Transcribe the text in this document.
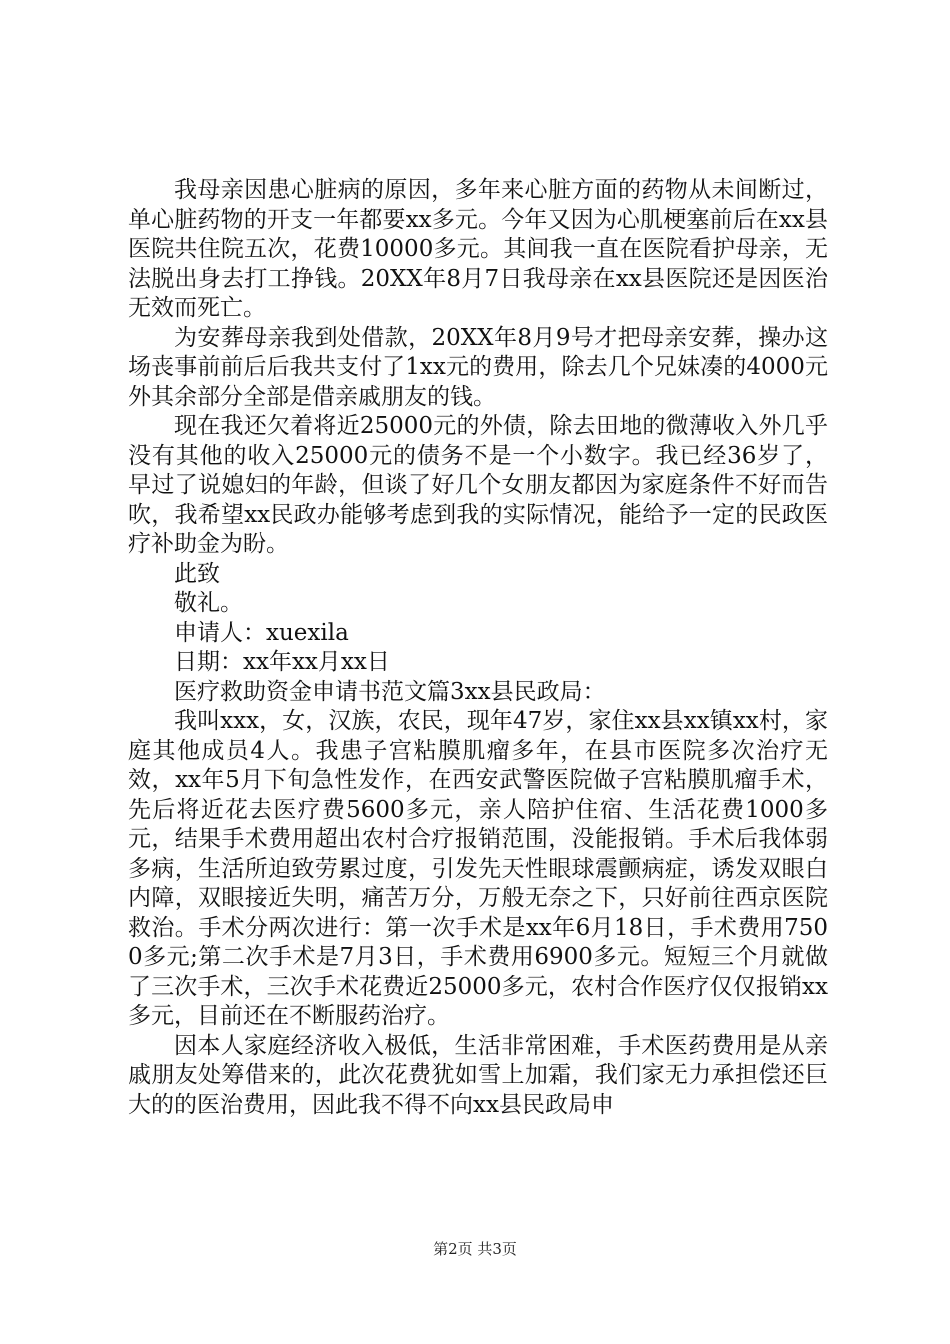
我母亲因患心脏病的原因，多年来心脏方面的药物从未间断过，单心脏药物的开支一年都要xx多元。今年又因为心肌梗塞前后在xx县医院共住院五次，花费10000多元。其间我一直在医院看护母亲，无法脱出身去打工挣钱。20XX年8月7日我母亲在xx县医院还是因医治无效而死亡。

为安葬母亲我到处借款，20XX年8月9号才把母亲安葬，操办这场丧事前前后后我共支付了1xx元的费用，除去几个兄妹凑的4000元外其余部分全部是借亲戚朋友的钱。

现在我还欠着将近25000元的外债，除去田地的微薄收入外几乎没有其他的收入25000元的债务不是一个小数字。我已经36岁了，早过了说媳妇的年龄，但谈了好几个女朋友都因为家庭条件不好而告吹，我希望xx民政办能够考虑到我的实际情况，能给予一定的民政医疗补助金为盼。

此致

敬礼。

申请人：xuexila

日期：xx年xx月xx日

医疗救助资金申请书范文篇3xx县民政局：

我叫xxx，女，汉族，农民，现年47岁，家住xx县xx镇xx村，家庭其他成员4人。我患子宫粘膜肌瘤多年，在县市医院多次治疗无效，xx年5月下旬急性发作，在西安武警医院做子宫粘膜肌瘤手术，先后将近花去医疗费5600多元，亲人陪护住宿、生活花费1000多元，结果手术费用超出农村合疗报销范围，没能报销。手术后我体弱多病，生活所迫致劳累过度，引发先天性眼球震颤病症，诱发双眼白内障，双眼接近失明，痛苦万分，万般无奈之下，只好前往西京医院救治。手术分两次进行：第一次手术是xx年6月18日，手术费用7500多元;第二次手术是7月3日，手术费用6900多元。短短三个月就做了三次手术，三次手术花费近25000多元，农村合作医疗仅仅报销xx多元，目前还在不断服药治疗。

因本人家庭经济收入极低，生活非常困难，手术医药费用是从亲戚朋友处筹借来的，此次花费犹如雪上加霜，我们家无力承担偿还巨大的的医治费用，因此我不得不向xx县民政局申

第2页 共3页
